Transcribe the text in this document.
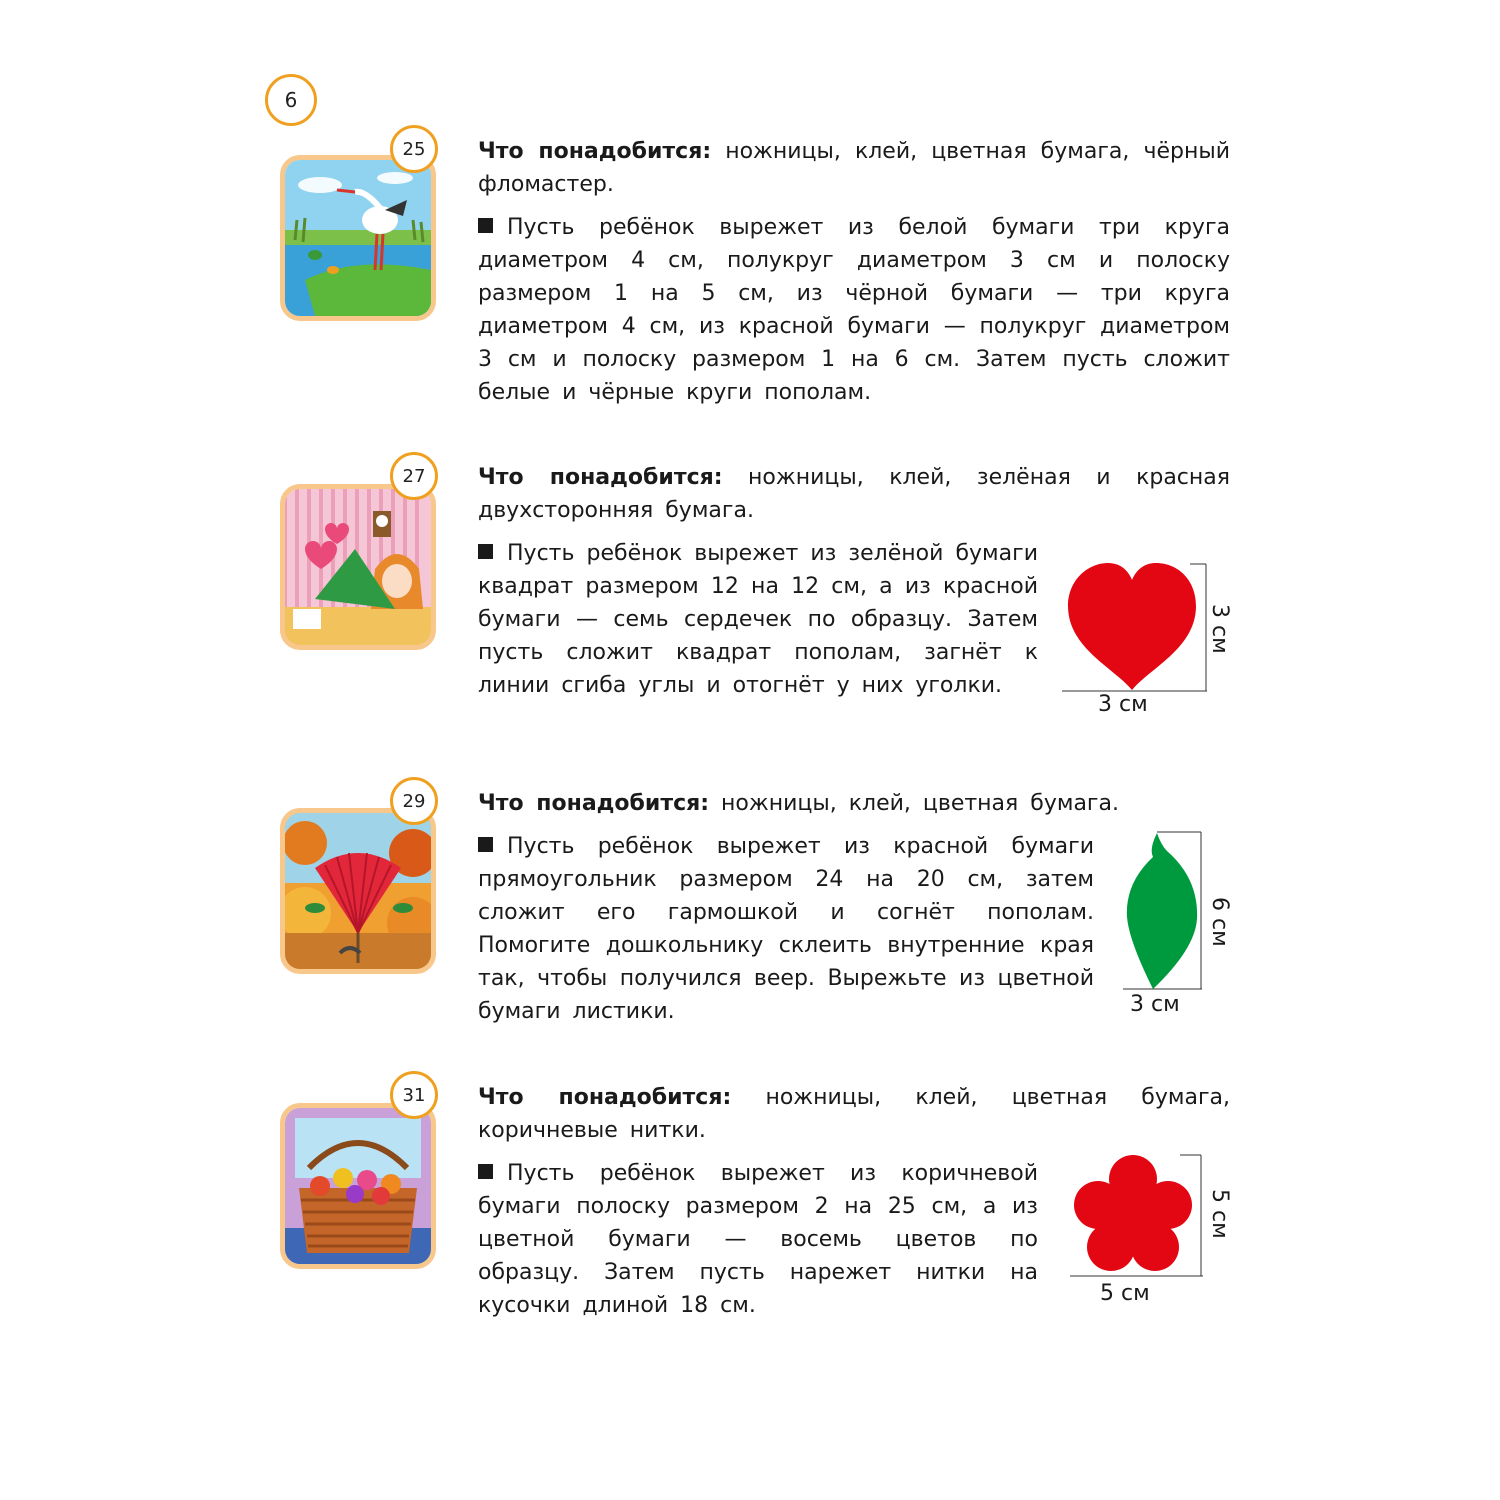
6
25	Что понадобится: ножницы, клей, цветная бумага, чёрный фломастер.

Пусть ребёнок вырежет из белой бумаги три круга диаметром 4 см, полукруг диаметром 3 см и полоску размером 1 на 5 см, из чёрной бумаги — три круга диаметром 4 см, из красной бумаги — полукруг диаметром 3 см и полоску размером 1 на 6 см. Затем пусть сложит белые и чёрные круги пополам.

27	Что понадобится: ножницы, клей, зелёная и красная двухсторонняя бумага.

Пусть ребёнок вырежет из зелёной бумаги квадрат размером 12 на 12 см, а из красной бумаги — семь сердечек по образцу. Затем пусть сложит квадрат пополам, загнёт к линии сгиба углы и отогнёт у них уголки.

3 см
3 см
29	Что понадобится: ножницы, клей, цветная бумага.

Пусть ребёнок вырежет из красной бумаги прямоугольник размером 24 на 20 см, затем сложит его гармошкой и согнёт пополам. Помогите дошкольнику склеить внутренние края так, чтобы получился веер. Вырежьте из цветной бумаги листики.	3 см
6 см
31	Что понадобится: ножницы, клей, цветная бумага, коричневые нитки.

Пусть ребёнок вырежет из коричневой бумаги полоску размером 2 на 25 см, а из цветной бумаги — восемь цветов по образцу. Затем пусть нарежет нитки на кусочки длиной 18 см.	5 см
5 см
